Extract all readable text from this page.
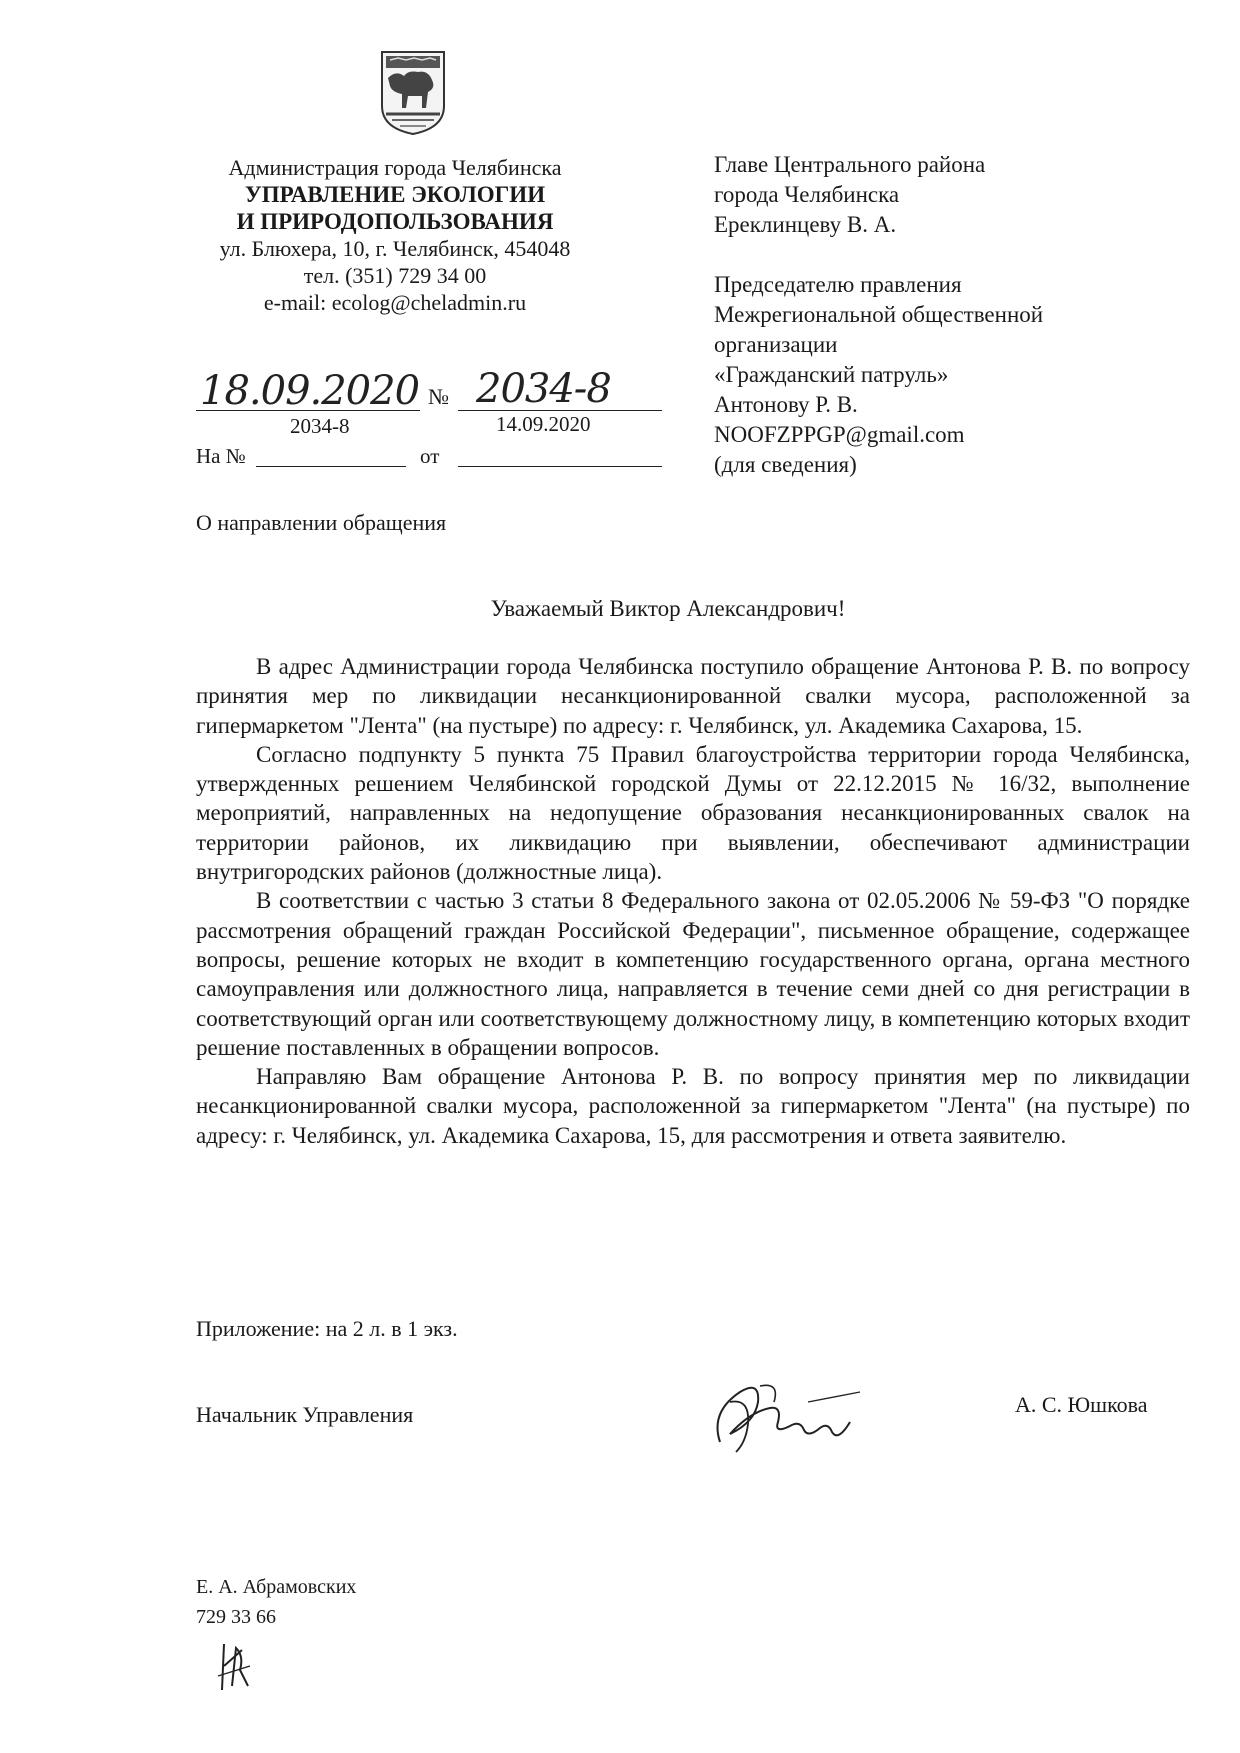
Администрация города Челябинска
УПРАВЛЕНИЕ ЭКОЛОГИИ
И ПРИРОДОПОЛЬЗОВАНИЯ
ул. Блюхера, 10, г. Челябинск, 454048
тел. (351) 729 34 00
e-mail: ecolog@cheladmin.ru
18.09.2020 № 2034-8
2034-8	14.09.2020
На №	от
Главе Центрального района
города Челябинска
Ереклинцеву В. А.
Председателю правления
Межрегиональной общественной
организации
«Гражданский патруль»
Антонову Р. В.
NOOFZPPGP@gmail.com
(для сведения)
О направлении обращения
Уважаемый Виктор Александрович!

В адрес Администрации города Челябинска поступило обращение Антонова Р. В. по вопросу принятия мер по ликвидации несанкционированной свалки мусора, расположенной за гипермаркетом "Лента" (на пустыре) по адресу: г. Челябинск, ул. Академика Сахарова, 15.

Согласно подпункту 5 пункта 75 Правил благоустройства территории города Челябинска, утвержденных решением Челябинской городской Думы от 22.12.2015 № 16/32, выполнение мероприятий, направленных на недопущение образования несанкционированных свалок на территории районов, их ликвидацию при выявлении, обеспечивают администрации внутригородских районов (должностные лица).

В соответствии с частью 3 статьи 8 Федерального закона от 02.05.2006 № 59-ФЗ "О порядке рассмотрения обращений граждан Российской Федерации", письменное обращение, содержащее вопросы, решение которых не входит в компетенцию государственного органа, органа местного самоуправления или должностного лица, направляется в течение семи дней со дня регистрации в соответствующий орган или соответствующему должностному лицу, в компетенцию которых входит решение поставленных в обращении вопросов.

Направляю Вам обращение Антонова Р. В. по вопросу принятия мер по ликвидации несанкционированной свалки мусора, расположенной за гипермаркетом "Лента" (на пустыре) по адресу: г. Челябинск, ул. Академика Сахарова, 15, для рассмотрения и ответа заявителю.

Приложение: на 2 л. в 1 экз.
Начальник Управления	А. С. Юшкова
Е. А. Абрамовских
729 33 66
